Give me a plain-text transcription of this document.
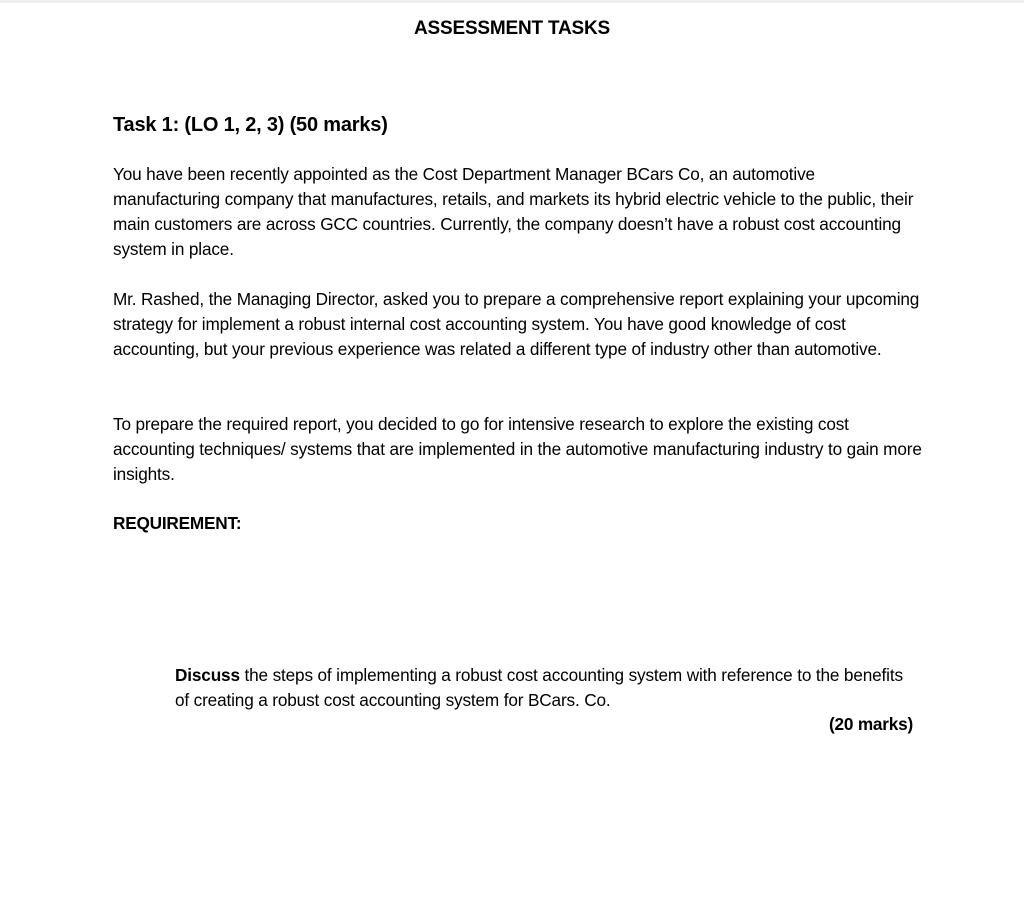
ASSESSMENT TASKS
Task 1: (LO 1, 2, 3) (50 marks)

You have been recently appointed as the Cost Department Manager BCars Co, an automotive manufacturing company that manufactures, retails, and markets its hybrid electric vehicle to the public, their main customers are across GCC countries. Currently, the company doesn’t have a robust cost accounting system in place.

Mr. Rashed, the Managing Director, asked you to prepare a comprehensive report explaining your upcoming strategy for implement a robust internal cost accounting system. You have good knowledge of cost accounting, but your previous experience was related a different type of industry other than automotive.

To prepare the required report, you decided to go for intensive research to explore the existing cost accounting techniques/ systems that are implemented in the automotive manufacturing industry to gain more insights.

REQUIREMENT:

Discuss the steps of implementing a robust cost accounting system with reference to the benefits of creating a robust cost accounting system for BCars. Co.

(20 marks)
